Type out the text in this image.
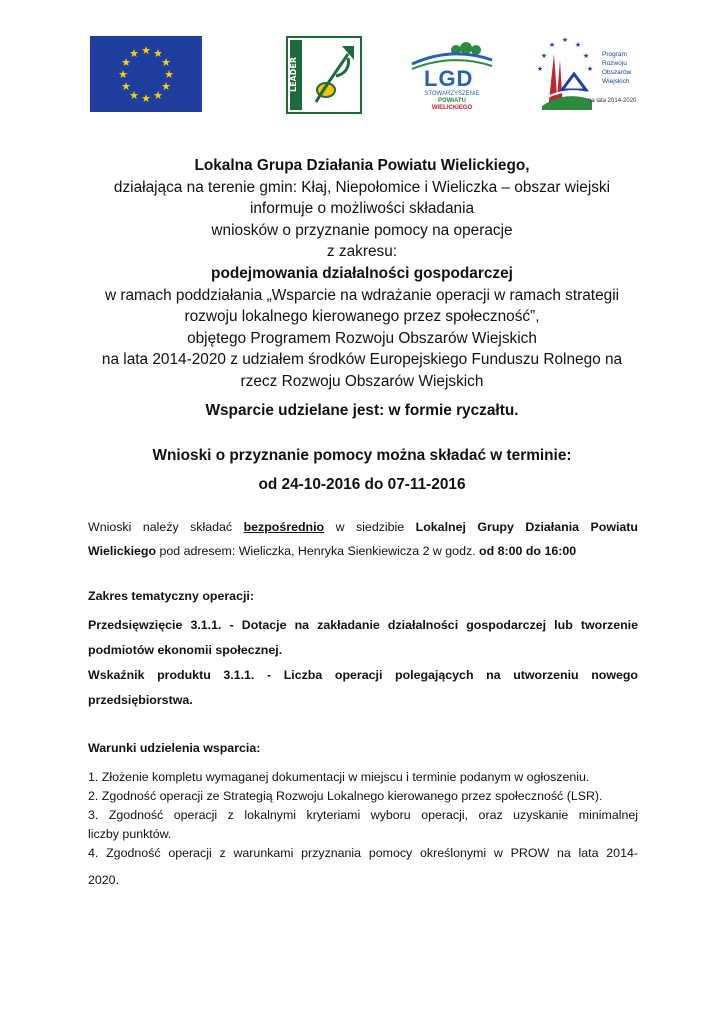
★ ★
★
★
★
★
★
★
★
★
★
★
LEADER	LGD
STOWARZYSZENIE
POWIATU
WIELICKIEGO
★
★	★
★	★
★	★
Program
Rozwoju
Obszarów
Wiejskich
na lata 2014-2020
Lokalna Grupa Działania Powiatu Wielickiego,
działająca na terenie gmin: Kłaj, Niepołomice i Wieliczka – obszar wiejski
informuje o możliwości składania
wniosków o przyznanie pomocy na operacje
z zakresu:
podejmowania działalności gospodarczej
w ramach poddziałania „Wsparcie na wdrażanie operacji w ramach strategii
rozwoju lokalnego kierowanego przez społeczność”,
objętego Programem Rozwoju Obszarów Wiejskich
na lata 2014-2020 z udziałem środków Europejskiego Funduszu Rolnego na
rzecz Rozwoju Obszarów Wiejskich
Wsparcie udzielane jest: w formie ryczałtu.
Wnioski o przyznanie pomocy można składać w terminie:
od 24-10-2016 do 07-11-2016
Wnioski należy składać bezpośrednio w siedzibie Lokalnej Grupy Działania Powiatu
Wielickiego pod adresem: Wieliczka, Henryka Sienkiewicza 2 w godz. od 8:00 do 16:00
Zakres tematyczny operacji:
Przedsięwzięcie 3.1.1. - Dotacje na zakładanie działalności gospodarczej lub tworzenie
podmiotów ekonomii społecznej.
Wskaźnik produktu 3.1.1. - Liczba operacji polegających na utworzeniu nowego
przedsiębiorstwa.
Warunki udzielenia wsparcia:
1. Złożenie kompletu wymaganej dokumentacji w miejscu i terminie podanym w ogłoszeniu.
2. Zgodność operacji ze Strategią Rozwoju Lokalnego kierowanego przez społeczność (LSR).
3. Zgodność operacji z lokalnymi kryteriami wyboru operacji, oraz uzyskanie minimalnej
liczby punktów.
4. Zgodność operacji z warunkami przyznania pomocy określonymi w PROW na lata 2014-
2020.
